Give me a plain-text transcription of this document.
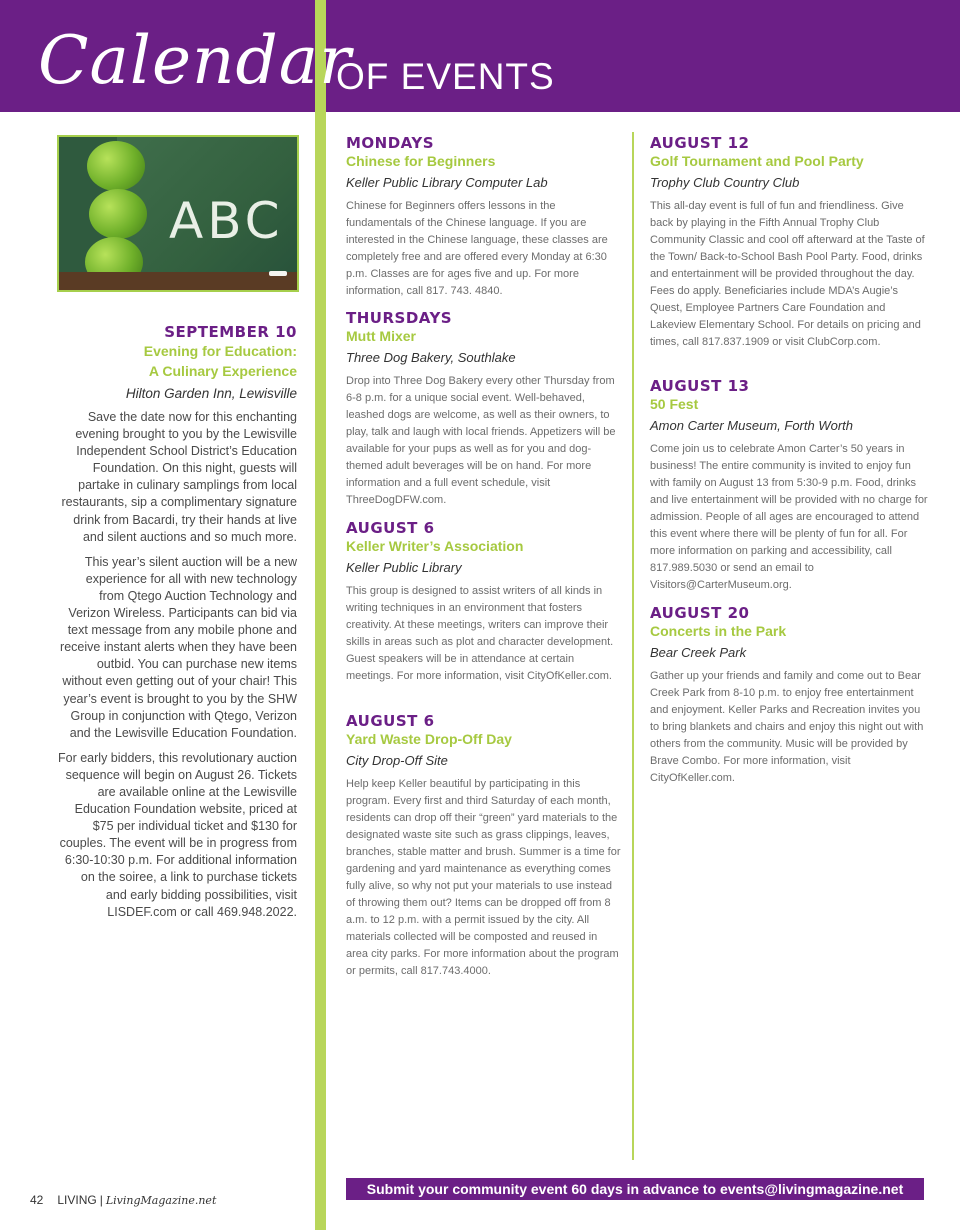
Calendar
OF EVENTS
ABC

SEPTEMBER 10

Evening for Education:

A Culinary Experience

Hilton Garden Inn, Lewisville

Save the date now for this enchanting evening brought to you by the Lewisville Independent School District’s Education Foundation. On this night, guests will partake in culinary samplings from local restaurants, sip a complimentary signature drink from Bacardi, try their hands at live and silent auctions and so much more.

This year’s silent auction will be a new experience for all with new technology from Qtego Auction Technology and Verizon Wireless. Participants can bid via text message from any mobile phone and receive instant alerts when they have been outbid. You can purchase new items without even getting out of your chair! This year’s event is brought to you by the SHW Group in conjunction with Qtego, Verizon and the Lewisville Education Foundation.

For early bidders, this revolutionary auction sequence will begin on August 26. Tickets are available online at the Lewisville Education Foundation website, priced at $75 per individual ticket and $130 for couples. The event will be in progress from 6:30-10:30 p.m. For additional information on the soiree, a link to purchase tickets and early bidding possibilities, visit LISDEF.com or call 469.948.2022.

MONDAYS

Chinese for Beginners

Keller Public Library Computer Lab

Chinese for Beginners offers lessons in the fundamentals of the Chinese language. If you are interested in the Chinese language, these classes are completely free and are offered every Monday at 6:30 p.m. Classes are for ages five and up. For more information, call 817. 743. 4840.

THURSDAYS

Mutt Mixer

Three Dog Bakery, Southlake

Drop into Three Dog Bakery every other Thursday from 6-8 p.m. for a unique social event. Well-behaved, leashed dogs are welcome, as well as their owners, to play, talk and laugh with local friends. Appetizers will be available for your pups as well as for you and dog-themed adult beverages will be on hand. For more information and a full event schedule, visit ThreeDogDFW.com.

AUGUST 6

Keller Writer’s Association

Keller Public Library

This group is designed to assist writers of all kinds in writing techniques in an environment that fosters creativity. At these meetings, writers can improve their skills in areas such as plot and character development. Guest speakers will be in attendance at certain meetings. For more information, visit CityOfKeller.com.

AUGUST 6

Yard Waste Drop-Off Day

City Drop-Off Site

Help keep Keller beautiful by participating in this program. Every first and third Saturday of each month, residents can drop off their “green” yard materials to the designated waste site such as grass clippings, leaves, branches, stable matter and brush. Summer is a time for gardening and yard maintenance as everything comes fully alive, so why not put your materials to use instead of throwing them out? Items can be dropped off from 8 a.m. to 12 p.m. with a permit issued by the city. All materials collected will be composted and reused in area city parks. For more information about the program or permits, call 817.743.4000.

AUGUST 12

Golf Tournament and Pool Party

Trophy Club Country Club

This all-day event is full of fun and friendliness. Give back by playing in the Fifth Annual Trophy Club Community Classic and cool off afterward at the Taste of the Town/ Back-to-School Bash Pool Party. Food, drinks and entertainment will be provided throughout the day. Fees do apply. Beneficiaries include MDA’s Augie’s Quest, Employee Partners Care Foundation and Lakeview Elementary School. For details on pricing and times, call 817.837.1909 or visit ClubCorp.com.

AUGUST 13

50 Fest

Amon Carter Museum, Forth Worth

Come join us to celebrate Amon Carter’s 50 years in business! The entire community is invited to enjoy fun with family on August 13 from 5:30-9 p.m. Food, drinks and live entertainment will be provided with no charge for admission. People of all ages are encouraged to attend this event where there will be plenty of fun for all. For more information on parking and accessibility, call 817.989.5030 or send an email to Visitors@CarterMuseum.org.

AUGUST 20

Concerts in the Park

Bear Creek Park

Gather up your friends and family and come out to Bear Creek Park from 8-10 p.m. to enjoy free entertainment and enjoyment. Keller Parks and Recreation invites you to bring blankets and chairs and enjoy this night out with others from the community. Music will be provided by Brave Combo. For more information, visit CityOfKeller.com.

42 LIVING | LivingMagazine.net
Submit your community event 60 days in advance to events@livingmagazine.net
